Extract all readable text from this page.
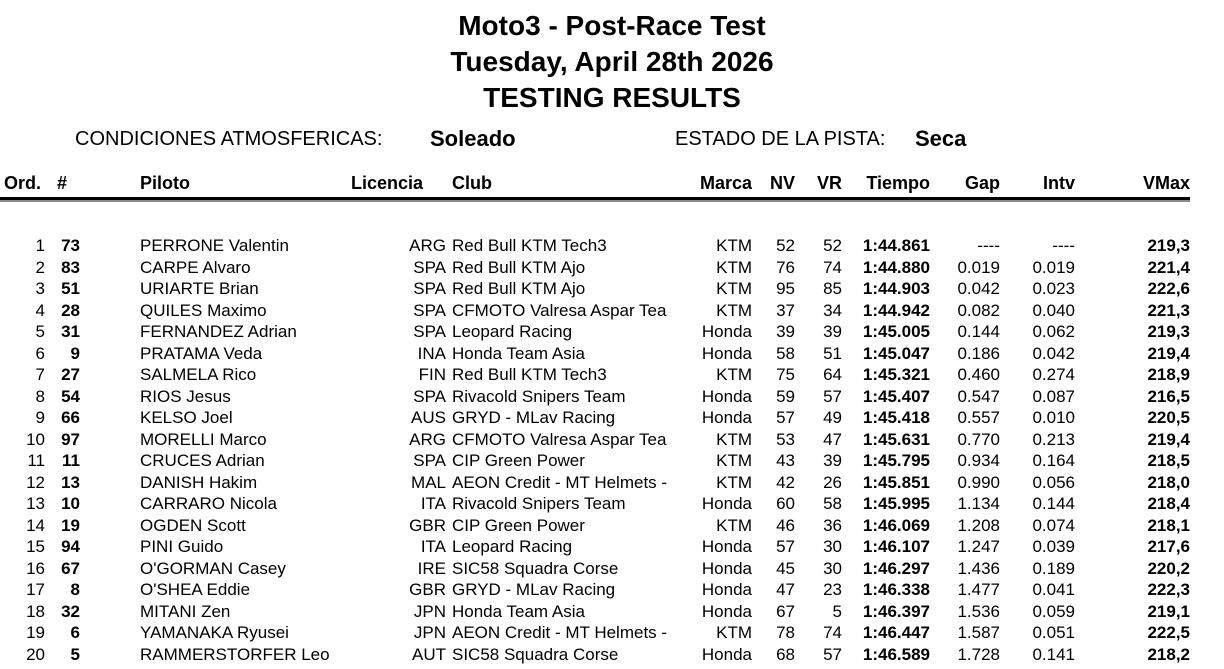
Moto3 - Post-Race Test
Tuesday, April 28th 2026
TESTING RESULTS
CONDICIONES ATMOSFERICAS: Soleado	ESTADO DE LA PISTA: Seca
Ord. #	Piloto	Licencia	Club	Marca NV	VR	Tiempo	Gap	Intv	VMax
1 73	PERRONE Valentin	ARG Red Bull KTM Tech3	KTM	52	52	1:44.861	----	----	219,3
2 83	CARPE Alvaro	SPA Red Bull KTM Ajo	KTM	76	74	1:44.880	0.019	0.019	221,4
3 51	URIARTE Brian	SPA Red Bull KTM Ajo	KTM	95	85	1:44.903	0.042	0.023	222,6
4 28	QUILES Maximo	SPA CFMOTO Valresa Aspar Tea	KTM	37	34	1:44.942	0.082	0.040	221,3
5 31	FERNANDEZ Adrian	SPA Leopard Racing	Honda	39	39	1:45.005	0.144	0.062	219,3
6	9	PRATAMA Veda	INA Honda Team Asia	Honda	58	51	1:45.047	0.186	0.042	219,4
7 27	SALMELA Rico	FIN Red Bull KTM Tech3	KTM	75	64	1:45.321	0.460	0.274	218,9
8 54	RIOS Jesus	SPA Rivacold Snipers Team	Honda	59	57	1:45.407	0.547	0.087	216,5
9 66	KELSO Joel	AUS GRYD - MLav Racing	Honda	57	49	1:45.418	0.557	0.010	220,5
10 97	MORELLI Marco	ARG CFMOTO Valresa Aspar Tea	KTM	53	47	1:45.631	0.770	0.213	219,4
11	11	CRUCES Adrian	SPA CIP Green Power	KTM	43	39	1:45.795	0.934	0.164	218,5
12 13	DANISH Hakim	MAL AEON Credit - MT Helmets -	KTM	42	26	1:45.851	0.990	0.056	218,0
13 10	CARRARO Nicola	ITA Rivacold Snipers Team	Honda	60	58	1:45.995	1.134	0.144	218,4
14 19	OGDEN Scott	GBR CIP Green Power	KTM	46	36	1:46.069	1.208	0.074	218,1
15 94	PINI Guido	ITA Leopard Racing	Honda	57	30	1:46.107	1.247	0.039	217,6
16 67	O'GORMAN Casey	IRE SIC58 Squadra Corse	Honda	45	30	1:46.297	1.436	0.189	220,2
17	8	O'SHEA Eddie	GBR GRYD - MLav Racing	Honda	47	23	1:46.338	1.477	0.041	222,3
18 32	MITANI Zen	JPN Honda Team Asia	Honda	67	5	1:46.397	1.536	0.059	219,1
19	6	YAMANAKA Ryusei	JPN AEON Credit - MT Helmets -	KTM	78	74	1:46.447	1.587	0.051	222,5
20	5	RAMMERSTORFER Leo	AUT SIC58 Squadra Corse	Honda	68	57	1:46.589	1.728	0.141	218,2
